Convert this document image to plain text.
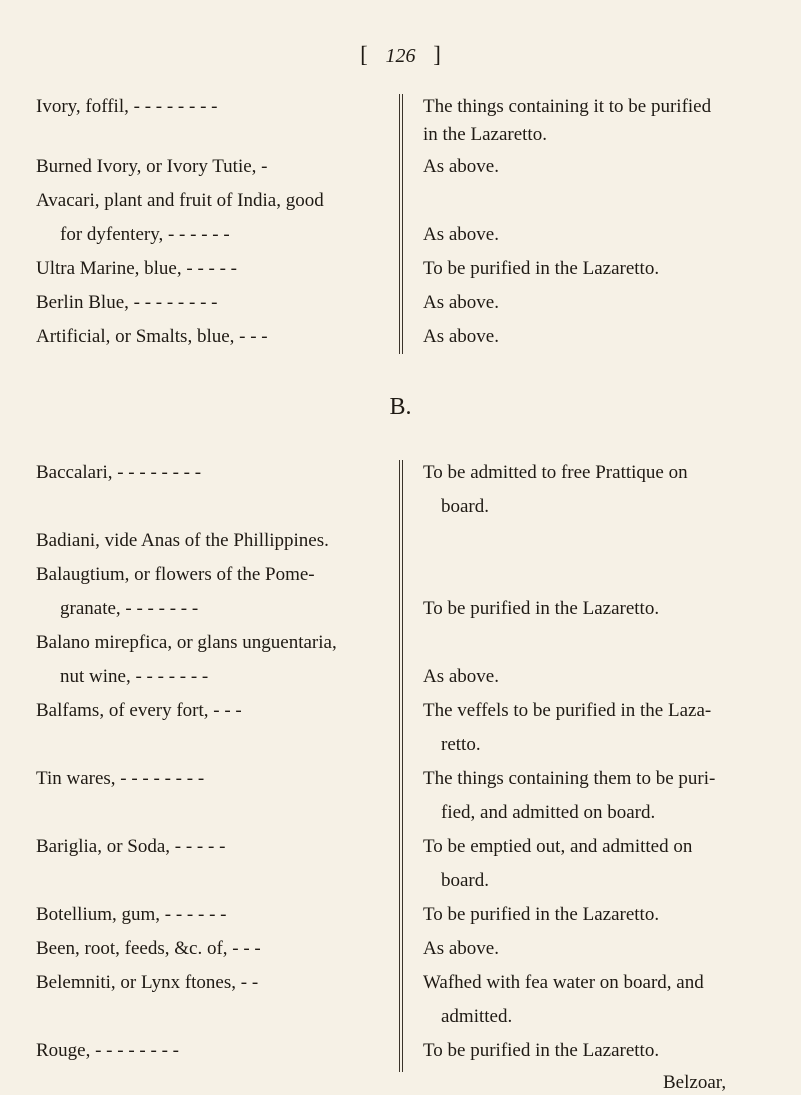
[ 126 ]
Ivory, foffil, - - - - - - - -
Burned Ivory, or Ivory Tutie, -
Avacari, plant and fruit of India, good
for dyfentery, - - - - - -
Ultra Marine, blue, - - - - -
Berlin Blue, - - - - - - - -
Artificial, or Smalts, blue, - - -
The things containing it to be purified
in the Lazaretto.
As above.
As above.
To be purified in the Lazaretto.
As above.
As above.
B.
Baccalari, - - - - - - - -
Badiani, vide Anas of the Phillippines.
Balaugtium, or flowers of the Pome-
granate, - - - - - - -
Balano mirepfica, or glans unguentaria,
nut wine, - - - - - - -
Balfams, of every fort, - - -
Tin wares, - - - - - - - -
Bariglia, or Soda, - - - - -
Botellium, gum, - - - - - -
Been, root, feeds, &c. of, - - -
Belemniti, or Lynx ftones, - -
Rouge, - - - - - - - -
To be admitted to free Prattique on
board.
To be purified in the Lazaretto.
As above.
The veffels to be purified in the Laza-
retto.
The things containing them to be puri-
fied, and admitted on board.
To be emptied out, and admitted on
board.
To be purified in the Lazaretto.
As above.
Wafhed with fea water on board, and
admitted.
To be purified in the Lazaretto.
Belzoar,
